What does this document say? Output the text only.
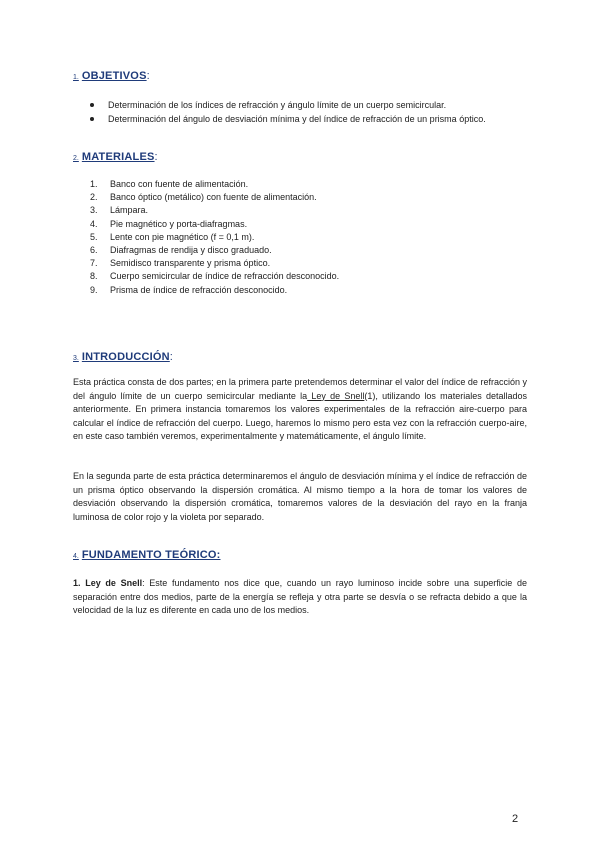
1. OBJETIVOS:
Determinación de los índices de refracción y ángulo límite de un cuerpo semicircular.
Determinación del ángulo de desviación mínima y del índice de refracción de un prisma óptico.
2. MATERIALES:
1. Banco con fuente de alimentación.
2. Banco óptico (metálico) con fuente de alimentación.
3. Lámpara.
4. Pie magnético y porta-diafragmas.
5. Lente con pie magnético (f = 0,1 m).
6. Diafragmas de rendija y disco graduado.
7. Semidisco transparente y prisma óptico.
8. Cuerpo semicircular de índice de refracción desconocido.
9. Prisma de índice de refracción desconocido.
3. INTRODUCCIÓN:

Esta práctica consta de dos partes; en la primera parte pretendemos determinar el valor del índice de refracción y del ángulo límite de un cuerpo semicircular mediante la Ley de Snell(1), utilizando los materiales detallados anteriormente. En primera instancia tomaremos los valores experimentales de la refracción aire-cuerpo para calcular el índice de refracción del cuerpo. Luego, haremos lo mismo pero esta vez con la refracción cuerpo-aire, en este caso también veremos, experimentalmente y matemáticamente, el ángulo límite.

En la segunda parte de esta práctica determinaremos el ángulo de desviación mínima y el índice de refracción de un prisma óptico observando la dispersión cromática. Al mismo tiempo a la hora de tomar los valores de desviación observando la dispersión cromática, tomaremos valores de la desviación del rayo en la franja luminosa de color rojo y la violeta por separado.

4. FUNDAMENTO TEÓRICO:

1. Ley de Snell: Este fundamento nos dice que, cuando un rayo luminoso incide sobre una superficie de separación entre dos medios, parte de la energía se refleja y otra parte se desvía o se refracta debido a que la velocidad de la luz es diferente en cada uno de los medios.

2
